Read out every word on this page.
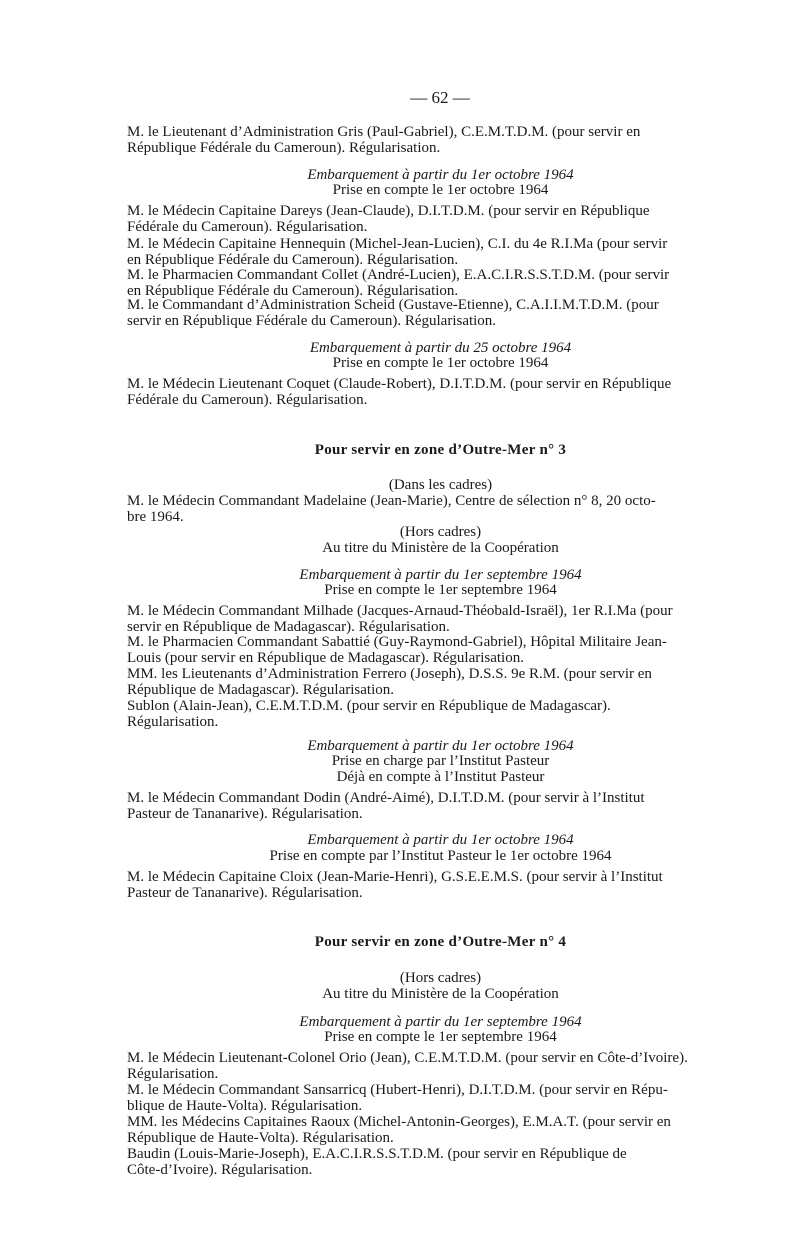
— 62 —
M. le Lieutenant d’Administration Gris (Paul-Gabriel), C.E.M.T.D.M. (pour servir en
République Fédérale du Cameroun). Régularisation.
Embarquement à partir du 1er octobre 1964
Prise en compte le 1er octobre 1964
M. le Médecin Capitaine Dareys (Jean-Claude), D.I.T.D.M. (pour servir en République
Fédérale du Cameroun). Régularisation.
M. le Médecin Capitaine Hennequin (Michel-Jean-Lucien), C.I. du 4e R.I.Ma (pour servir
en République Fédérale du Cameroun). Régularisation.
M. le Pharmacien Commandant Collet (André-Lucien), E.A.C.I.R.S.S.T.D.M. (pour servir
en République Fédérale du Cameroun). Régularisation.
M. le Commandant d’Administration Scheid (Gustave-Etienne), C.A.I.I.M.T.D.M. (pour
servir en République Fédérale du Cameroun). Régularisation.
Embarquement à partir du 25 octobre 1964
Prise en compte le 1er octobre 1964
M. le Médecin Lieutenant Coquet (Claude-Robert), D.I.T.D.M. (pour servir en République
Fédérale du Cameroun). Régularisation.
Pour servir en zone d’Outre-Mer n° 3
(Dans les cadres)
M. le Médecin Commandant Madelaine (Jean-Marie), Centre de sélection n° 8, 20 octo-
bre 1964.
(Hors cadres)
Au titre du Ministère de la Coopération
Embarquement à partir du 1er septembre 1964
Prise en compte le 1er septembre 1964
M. le Médecin Commandant Milhade (Jacques-Arnaud-Théobald-Israël), 1er R.I.Ma (pour
servir en République de Madagascar). Régularisation.
M. le Pharmacien Commandant Sabattié (Guy-Raymond-Gabriel), Hôpital Militaire Jean-
Louis (pour servir en République de Madagascar). Régularisation.
MM. les Lieutenants d’Administration Ferrero (Joseph), D.S.S. 9e R.M. (pour servir en
République de Madagascar). Régularisation.
Sublon (Alain-Jean), C.E.M.T.D.M. (pour servir en République de Madagascar).
Régularisation.
Embarquement à partir du 1er octobre 1964
Prise en charge par l’Institut Pasteur
Déjà en compte à l’Institut Pasteur
M. le Médecin Commandant Dodin (André-Aimé), D.I.T.D.M. (pour servir à l’Institut
Pasteur de Tananarive). Régularisation.
Embarquement à partir du 1er octobre 1964
Prise en compte par l’Institut Pasteur le 1er octobre 1964
M. le Médecin Capitaine Cloix (Jean-Marie-Henri), G.S.E.E.M.S. (pour servir à l’Institut
Pasteur de Tananarive). Régularisation.
Pour servir en zone d’Outre-Mer n° 4
(Hors cadres)
Au titre du Ministère de la Coopération
Embarquement à partir du 1er septembre 1964
Prise en compte le 1er septembre 1964
M. le Médecin Lieutenant-Colonel Orio (Jean), C.E.M.T.D.M. (pour servir en Côte-d’Ivoire).
Régularisation.
M. le Médecin Commandant Sansarricq (Hubert-Henri), D.I.T.D.M. (pour servir en Répu-
blique de Haute-Volta). Régularisation.
MM. les Médecins Capitaines Raoux (Michel-Antonin-Georges), E.M.A.T. (pour servir en
République de Haute-Volta). Régularisation.
Baudin (Louis-Marie-Joseph), E.A.C.I.R.S.S.T.D.M. (pour servir en République de
Côte-d’Ivoire). Régularisation.
